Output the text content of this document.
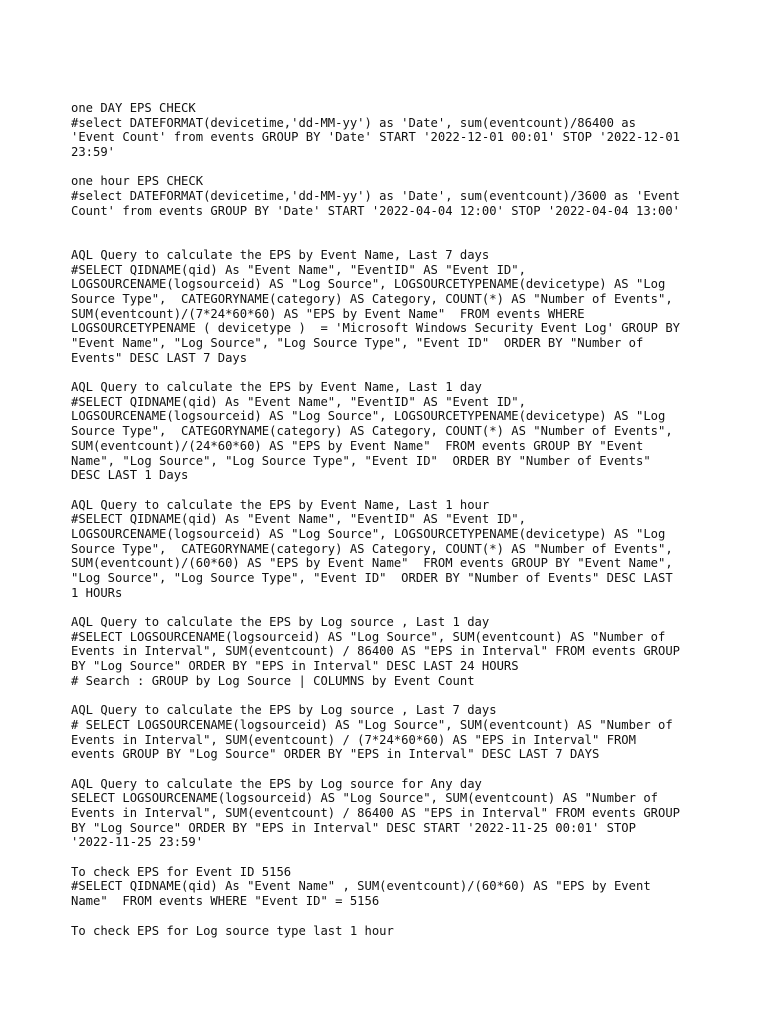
one DAY EPS CHECK
#select DATEFORMAT(devicetime,'dd-MM-yy') as 'Date', sum(eventcount)/86400 as
'Event Count' from events GROUP BY 'Date' START '2022-12-01 00:01' STOP '2022-12-01
23:59'
one hour EPS CHECK
#select DATEFORMAT(devicetime,'dd-MM-yy') as 'Date', sum(eventcount)/3600 as 'Event
Count' from events GROUP BY 'Date' START '2022-04-04 12:00' STOP '2022-04-04 13:00'
AQL Query to calculate the EPS by Event Name, Last 7 days
#SELECT QIDNAME(qid) As "Event Name", "EventID" AS "Event ID",
LOGSOURCENAME(logsourceid) AS "Log Source", LOGSOURCETYPENAME(devicetype) AS "Log
Source Type",  CATEGORYNAME(category) AS Category, COUNT(*) AS "Number of Events",
SUM(eventcount)/(7*24*60*60) AS "EPS by Event Name"  FROM events WHERE
LOGSOURCETYPENAME ( devicetype )  = 'Microsoft Windows Security Event Log' GROUP BY
"Event Name", "Log Source", "Log Source Type", "Event ID"  ORDER BY "Number of
Events" DESC LAST 7 Days
AQL Query to calculate the EPS by Event Name, Last 1 day
#SELECT QIDNAME(qid) As "Event Name", "EventID" AS "Event ID",
LOGSOURCENAME(logsourceid) AS "Log Source", LOGSOURCETYPENAME(devicetype) AS "Log
Source Type",  CATEGORYNAME(category) AS Category, COUNT(*) AS "Number of Events",
SUM(eventcount)/(24*60*60) AS "EPS by Event Name"  FROM events GROUP BY "Event
Name", "Log Source", "Log Source Type", "Event ID"  ORDER BY "Number of Events"
DESC LAST 1 Days
AQL Query to calculate the EPS by Event Name, Last 1 hour
#SELECT QIDNAME(qid) As "Event Name", "EventID" AS "Event ID",
LOGSOURCENAME(logsourceid) AS "Log Source", LOGSOURCETYPENAME(devicetype) AS "Log
Source Type",  CATEGORYNAME(category) AS Category, COUNT(*) AS "Number of Events",
SUM(eventcount)/(60*60) AS "EPS by Event Name"  FROM events GROUP BY "Event Name",
"Log Source", "Log Source Type", "Event ID"  ORDER BY "Number of Events" DESC LAST
1 HOURs
AQL Query to calculate the EPS by Log source , Last 1 day
#SELECT LOGSOURCENAME(logsourceid) AS "Log Source", SUM(eventcount) AS "Number of
Events in Interval", SUM(eventcount) / 86400 AS "EPS in Interval" FROM events GROUP
BY "Log Source" ORDER BY "EPS in Interval" DESC LAST 24 HOURS
# Search : GROUP by Log Source | COLUMNS by Event Count
AQL Query to calculate the EPS by Log source , Last 7 days
# SELECT LOGSOURCENAME(logsourceid) AS "Log Source", SUM(eventcount) AS "Number of
Events in Interval", SUM(eventcount) / (7*24*60*60) AS "EPS in Interval" FROM
events GROUP BY "Log Source" ORDER BY "EPS in Interval" DESC LAST 7 DAYS
AQL Query to calculate the EPS by Log source for Any day
SELECT LOGSOURCENAME(logsourceid) AS "Log Source", SUM(eventcount) AS "Number of
Events in Interval", SUM(eventcount) / 86400 AS "EPS in Interval" FROM events GROUP
BY "Log Source" ORDER BY "EPS in Interval" DESC START '2022-11-25 00:01' STOP
'2022-11-25 23:59'
To check EPS for Event ID 5156
#SELECT QIDNAME(qid) As "Event Name" , SUM(eventcount)/(60*60) AS "EPS by Event
Name"  FROM events WHERE "Event ID" = 5156
To check EPS for Log source type last 1 hour
